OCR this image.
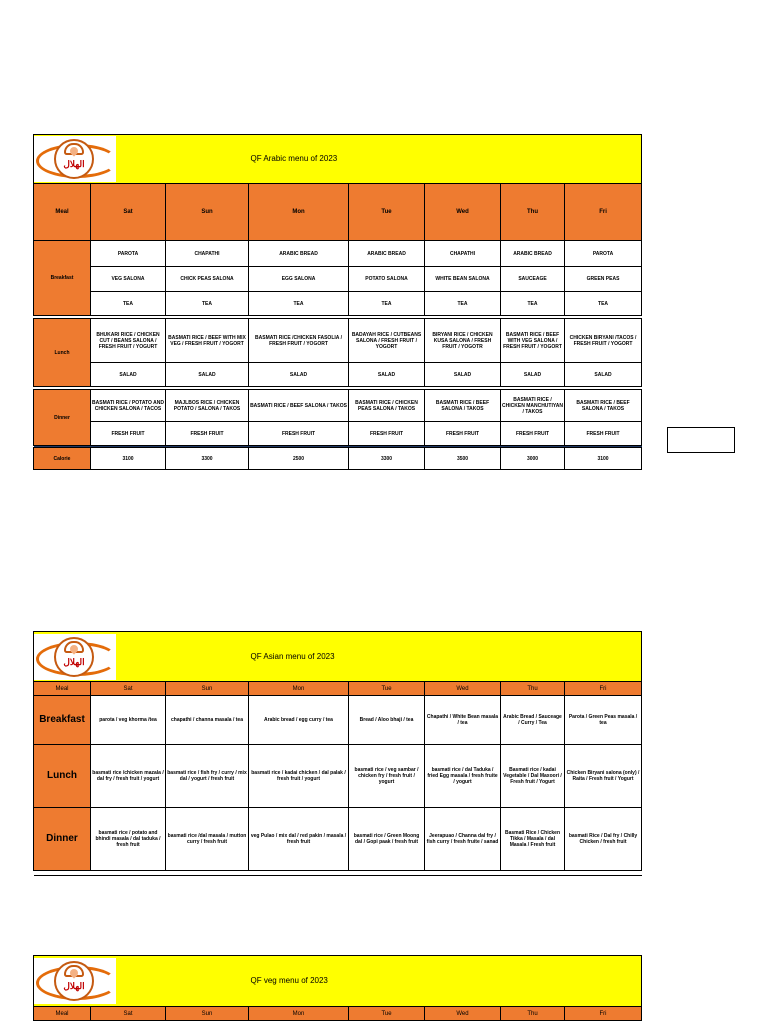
الهلال		QF Arabic menu of 2023					
Meal	Sat	Sun	Mon	Tue	Wed	Thu	Fri
Breakfast	PAROTA	CHAPATHI	ARABIC BREAD	ARABIC BREAD	CHAPATHI	ARABIC BREAD	PAROTA
	VEG SALONA	CHICK PEAS SALONA	EGG SALONA	POTATO SALONA	WHITE BEAN SALONA	SAUCEAGE	GREEN PEAS
	TEA	TEA	TEA	TEA	TEA	TEA	TEA

Lunch	BHUKARI RICE / CHICKEN CUT / BEANS SALONA / FRESH FRUIT / YOGURT	BASMATI RICE / BEEF WITH MIX VEG / FRESH FRUIT / YOGORT	BASMATI RICE /CHICKEN FASOLIA / FRESH FRUIT / YOGORT	BADAYAH RICE / CUTBEANS SALONA / FRESH FRUIT / YOGORT	BIRYANI RICE / CHICKEN KUSA SALONA / FRESH FRUIT / YOGOTR	BASMATI RICE / BEEF WITH VEG SALONA / FRESH FRUIT / YOGORT	CHICKEN BIRYANI /TACOS / FRESH FRUIT / YOGORT
	SALAD	SALAD	SALAD	SALAD	SALAD	SALAD	SALAD

Dinner	BASMATI RICE / POTATO AND CHICKEN SALONA / TACOS	MAJLBOS RICE / CHICKEN POTATO / SALONA / TAKOS	BASMATI RICE / BEEF SALONA / TAKOS	BASMATI RICE / CHICKEN PEAS SALONA / TAKOS	BASMATI RICE / BEEF SALONA / TAKOS	BASMATI RICE / CHICKEN MANCHUTIYAN / TAKOS	BASMATI RICE / BEEF SALONA / TAKOS
	FRESH FRUIT	FRESH FRUIT	FRESH FRUIT	FRESH FRUIT	FRESH FRUIT	FRESH FRUIT	FRESH FRUIT

Calorie	3100	3300	2500	3300	3500	3000	3100
الهلال		QF Asian menu of 2023					
Meal	Sat	Sun	Mon	Tue	Wed	Thu	Fri
Breakfast	parota / veg khorma /tea	chapathi / channa masala / tea	Arabic bread / egg curry / tea	Bread / Aloo bhaji / tea	Chapathi / White Bean masala / tea	Arabic Bread / Sauceage / Curry / Tea	Parota / Green Peas masala / tea
Lunch	basmati rice /chicken mazala / dal fry / fresh fruit / yogurt	basmati rice / fish fry / curry / mix dal / yogurt / fresh fruit	basmati rice / kadai chicken / dal palak / fresh fruit / yogurt	basmati rice / veg sambar / chicken fry / fresh fruit / yogurt	basmati rice / dal Taduka / fried Egg masala / fresh fruite / yogurt	Basmati rice / kadai Vegetable / Dal Maxoori / Fresh fruit / Yogurt	Chicken Biryani salona (only) / Raita / Fresh fruit / Yogurt
Dinner	basmati rice / potato and bhindi masala / dal taduka / fresh fruit	basmati rice /dal masala / mutton curry / fresh fruit	veg Pulao / mix dal / red pakin / masala / fresh fruit	basmati rice / Green Moong dal / Gopi paak / fresh fruit	Jeerapuao / Channa dal fry / fish curry / fresh fruite / sanad	Basmati Rice / Chicken Tikka / Masala / dal Masala / Fresh fruit	basmati Rice / Dal fry / Chilly Chicken / fresh fruit

الهلال		QF veg menu of 2023					
Meal	Sat	Sun	Mon	Tue	Wed	Thu	Fri
